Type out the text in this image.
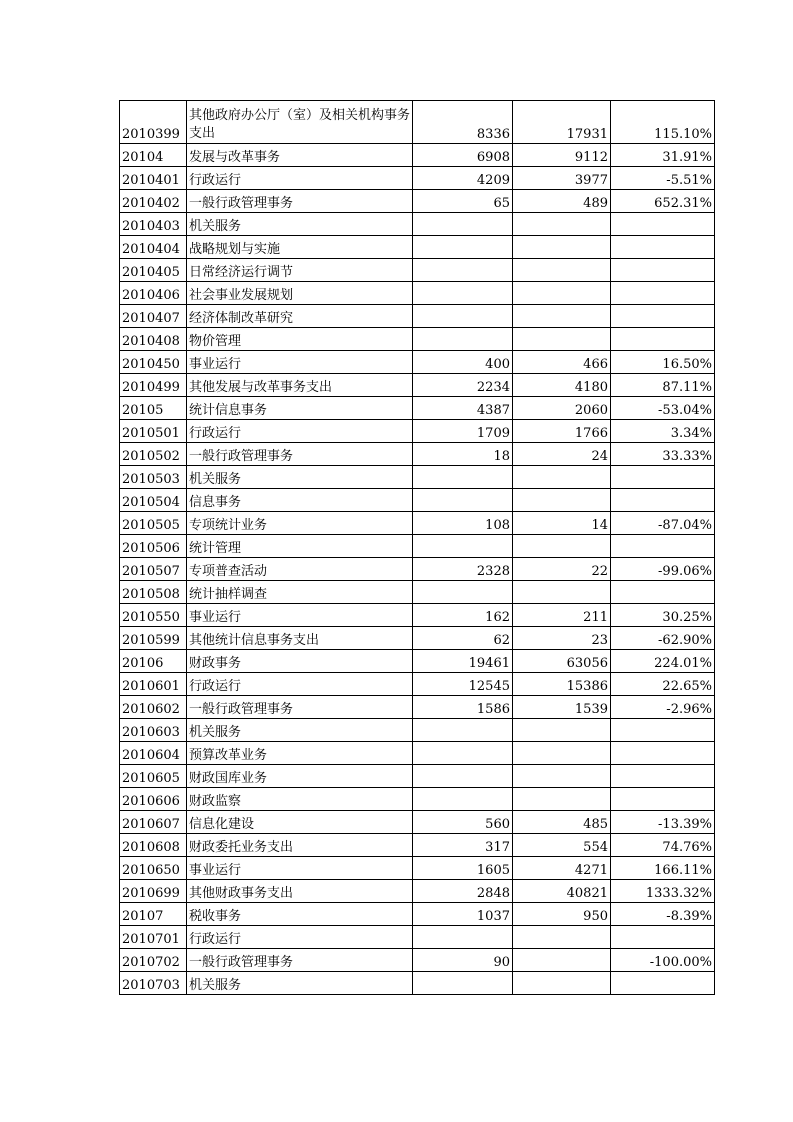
2010399	其他政府办公厅（室）及相关机构事务支出	8336	17931	115.10%
20104	发展与改革事务	6908	9112	31.91%
2010401	行政运行	4209	3977	-5.51%
2010402	一般行政管理事务	65	489	652.31%
2010403	机关服务			
2010404	战略规划与实施			
2010405	日常经济运行调节			
2010406	社会事业发展规划			
2010407	经济体制改革研究			
2010408	物价管理			
2010450	事业运行	400	466	16.50%
2010499	其他发展与改革事务支出	2234	4180	87.11%
20105	统计信息事务	4387	2060	-53.04%
2010501	行政运行	1709	1766	3.34%
2010502	一般行政管理事务	18	24	33.33%
2010503	机关服务			
2010504	信息事务			
2010505	专项统计业务	108	14	-87.04%
2010506	统计管理			
2010507	专项普查活动	2328	22	-99.06%
2010508	统计抽样调查			
2010550	事业运行	162	211	30.25%
2010599	其他统计信息事务支出	62	23	-62.90%
20106	财政事务	19461	63056	224.01%
2010601	行政运行	12545	15386	22.65%
2010602	一般行政管理事务	1586	1539	-2.96%
2010603	机关服务			
2010604	预算改革业务			
2010605	财政国库业务			
2010606	财政监察			
2010607	信息化建设	560	485	-13.39%
2010608	财政委托业务支出	317	554	74.76%
2010650	事业运行	1605	4271	166.11%
2010699	其他财政事务支出	2848	40821	1333.32%
20107	税收事务	1037	950	-8.39%
2010701	行政运行			
2010702	一般行政管理事务	90		-100.00%
2010703	机关服务			
